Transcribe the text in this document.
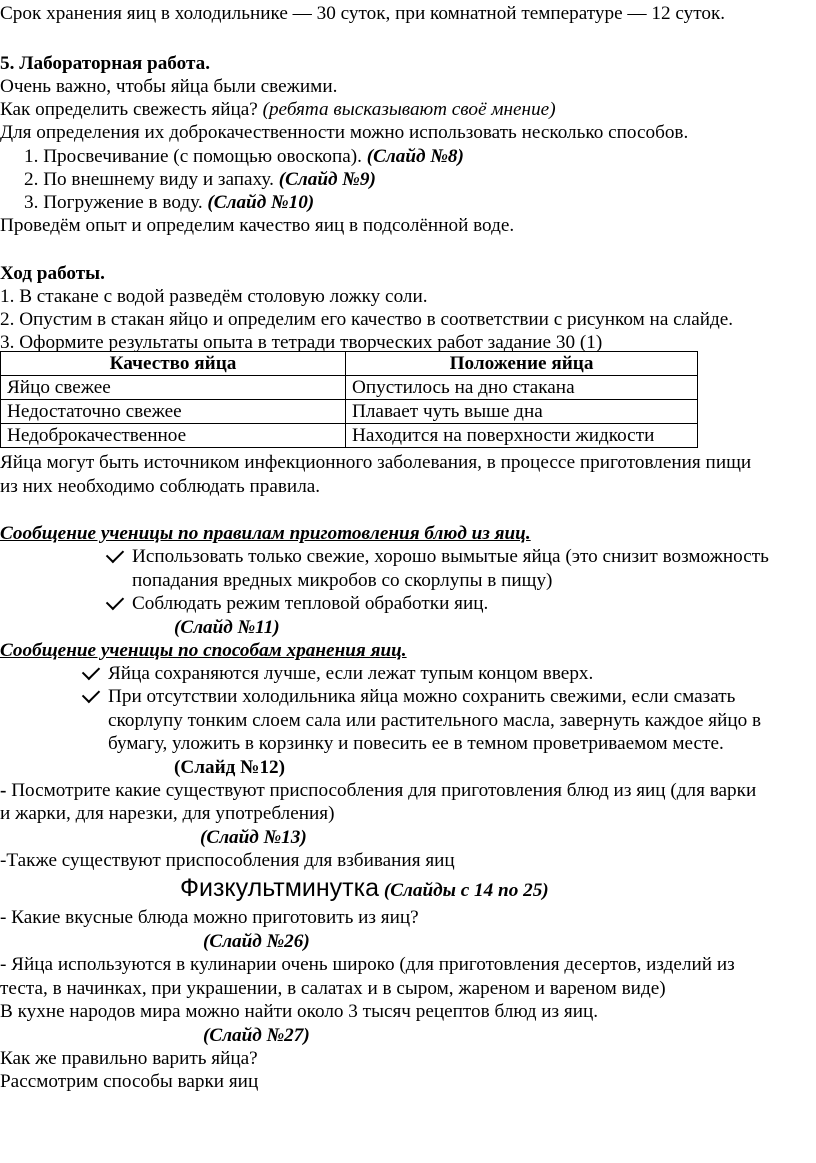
Срок хранения яиц в холодильнике — 30 суток, при комнатной температуре — 12 суток.
5. Лабораторная работа.
Очень важно, чтобы яйца были свежими.
Как определить свежесть яйца? (ребята высказывают своё мнение)
Для определения их доброкачественности можно использовать несколько способов.
1. Просвечивание (с помощью овоскопа). (Слайд №8)
2. По внешнему виду и запаху. (Слайд №9)
3. Погружение в воду. (Слайд №10)
Проведём опыт и определим качество яиц в подсолённой воде.
Ход работы.
1. В стакане с водой разведём столовую ложку соли.
2. Опустим в стакан яйцо и определим его качество в соответствии с рисунком на слайде.
3. Оформите результаты опыта в тетради творческих работ задание 30 (1)
Качество яйца	Положение яйца
Яйцо свежее	Опустилось на дно стакана
Недостаточно свежее	Плавает чуть выше дна
Недоброкачественное	Находится на поверхности жидкости
Яйца могут быть источником инфекционного заболевания, в процессе приготовления пищи
из них необходимо соблюдать правила.
Сообщение ученицы по правилам приготовления блюд из яиц.
Использовать только свежие, хорошо вымытые яйца (это снизит возможность
попадания вредных микробов со скорлупы в пищу)
Соблюдать режим тепловой обработки яиц.
(Слайд №11)
Сообщение ученицы по способам хранения яиц.
Яйца сохраняются лучше, если лежат тупым концом вверх.
При отсутствии холодильника яйца можно сохранить свежими, если смазать
скорлупу тонким слоем сала или растительного масла, завернуть каждое яйцо в
бумагу, уложить в корзинку и повесить ее в темном проветриваемом месте.
(Слайд №12)
- Посмотрите какие существуют приспособления для приготовления блюд из яиц (для варки
и жарки, для нарезки, для употребления)
(Слайд №13)
-Также существуют приспособления для взбивания яиц
Физкультминутка (Слайды с 14 по 25)
- Какие вкусные блюда можно приготовить из яиц?
(Слайд №26)
- Яйца используются в кулинарии очень широко (для приготовления десертов, изделий из
теста, в начинках, при украшении, в салатах и в сыром, жареном и вареном виде)
В кухне народов мира можно найти около 3 тысяч рецептов блюд из яиц.
(Слайд №27)
Как же правильно варить яйца?
Рассмотрим способы варки яиц
